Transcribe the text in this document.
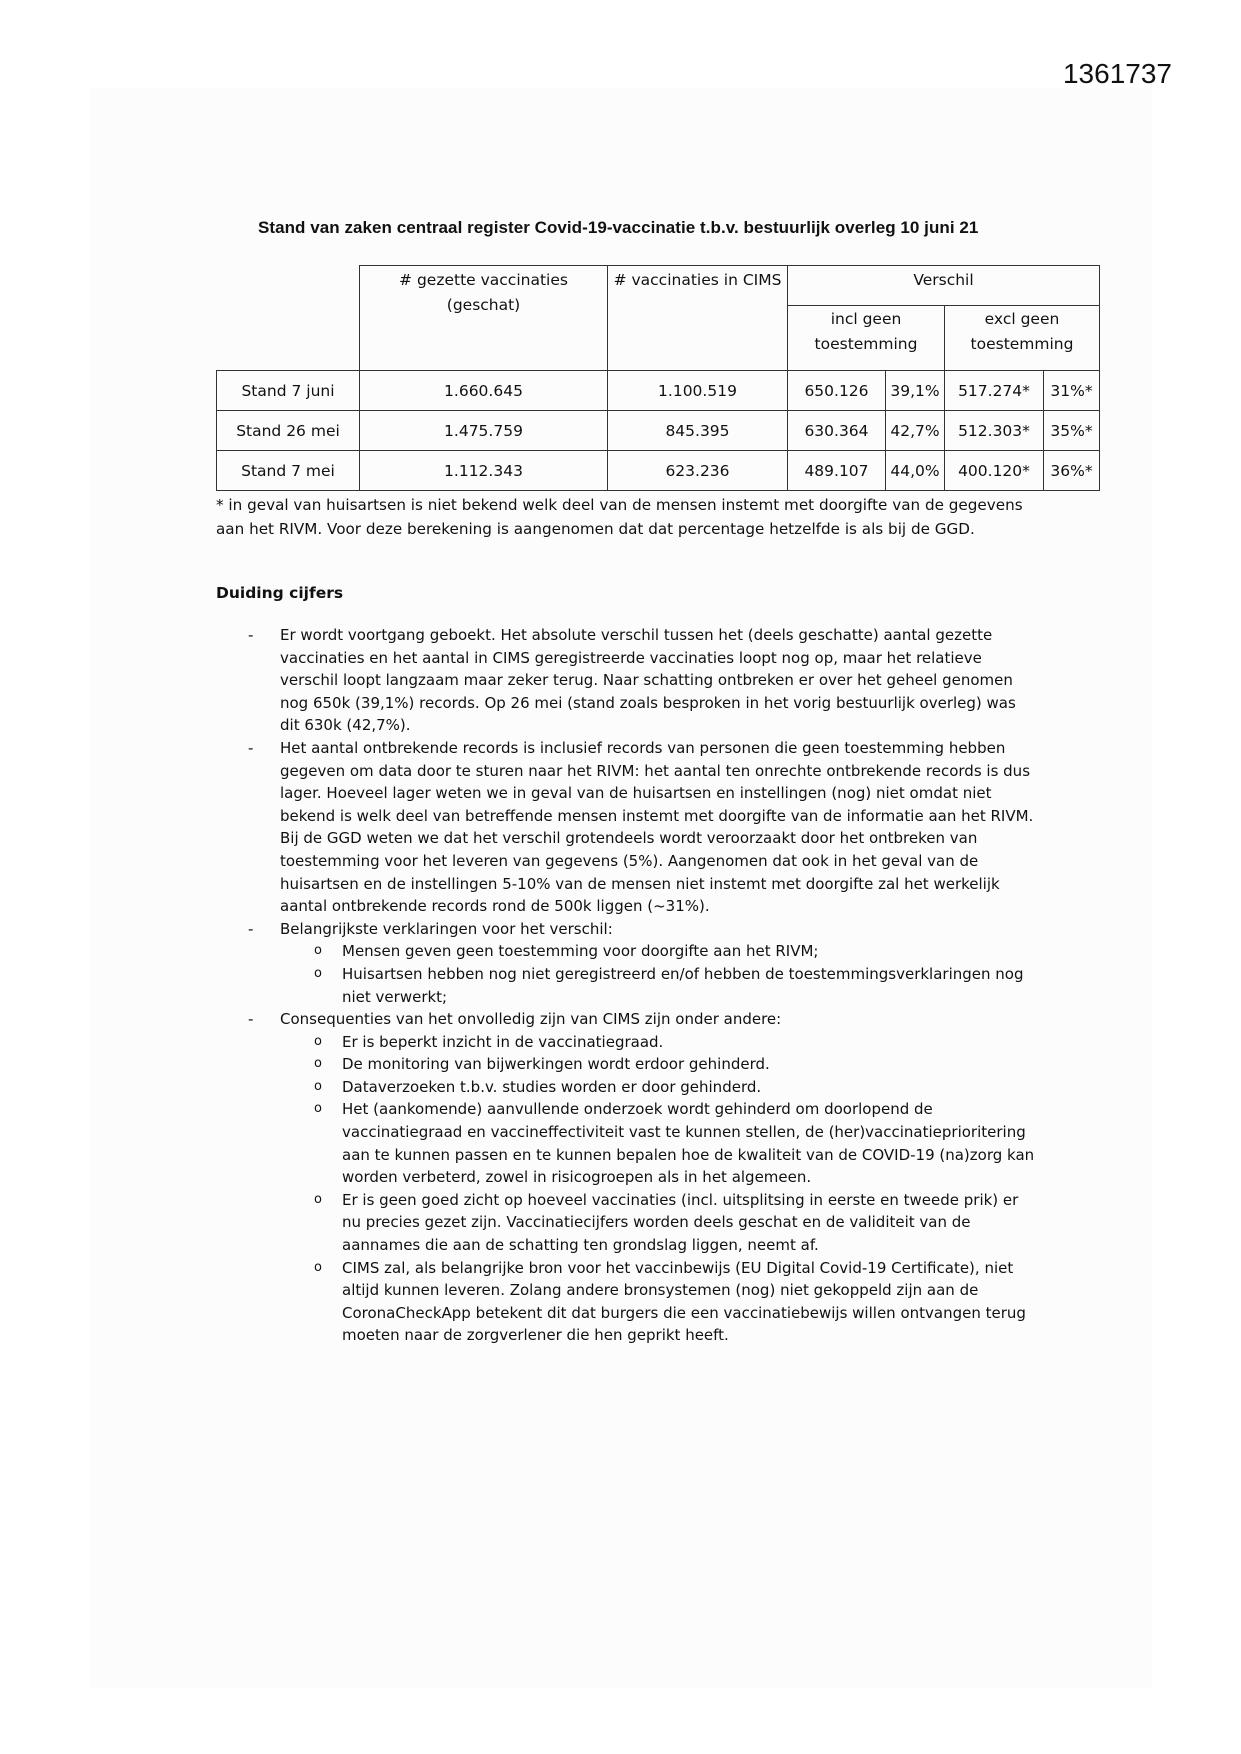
1361737
Stand van zaken centraal register Covid-19-vaccinatie t.b.v. bestuurlijk overleg 10 juni 21
	# gezette vaccinaties (geschat)	# vaccinaties in CIMS	Verschil			
			incl geen toestemming		excl geen toestemming	
Stand 7 juni	1.660.645	1.100.519	650.126	39,1%	517.274*	31%*
Stand 26 mei	1.475.759	845.395	630.364	42,7%	512.303*	35%*
Stand 7 mei	1.112.343	623.236	489.107	44,0%	400.120*	36%*
* in geval van huisartsen is niet bekend welk deel van de mensen instemt met doorgifte van de gegevens aan het RIVM. Voor deze berekening is aangenomen dat dat percentage hetzelfde is als bij de GGD.
Duiding cijfers
- Er wordt voortgang geboekt. Het absolute verschil tussen het (deels geschatte) aantal gezette vaccinaties en het aantal in CIMS geregistreerde vaccinaties loopt nog op, maar het relatieve verschil loopt langzaam maar zeker terug. Naar schatting ontbreken er over het geheel genomen nog 650k (39,1%) records. Op 26 mei (stand zoals besproken in het vorig bestuurlijk overleg) was dit 630k (42,7%).
- Het aantal ontbrekende records is inclusief records van personen die geen toestemming hebben gegeven om data door te sturen naar het RIVM: het aantal ten onrechte ontbrekende records is dus lager. Hoeveel lager weten we in geval van de huisartsen en instellingen (nog) niet omdat niet bekend is welk deel van betreffende mensen instemt met doorgifte van de informatie aan het RIVM. Bij de GGD weten we dat het verschil grotendeels wordt veroorzaakt door het ontbreken van toestemming voor het leveren van gegevens (5%). Aangenomen dat ook in het geval van de huisartsen en de instellingen 5-10% van de mensen niet instemt met doorgifte zal het werkelijk aantal ontbrekende records rond de 500k liggen (~31%).
- Belangrijkste verklaringen voor het verschil:
o Mensen geven geen toestemming voor doorgifte aan het RIVM;
o Huisartsen hebben nog niet geregistreerd en/of hebben de toestemmingsverklaringen nog niet verwerkt;
- Consequenties van het onvolledig zijn van CIMS zijn onder andere:
o Er is beperkt inzicht in de vaccinatiegraad.
o De monitoring van bijwerkingen wordt erdoor gehinderd.
o Dataverzoeken t.b.v. studies worden er door gehinderd.
o Het (aankomende) aanvullende onderzoek wordt gehinderd om doorlopend de vaccinatiegraad en vaccineffectiviteit vast te kunnen stellen, de (her)vaccinatieprioritering aan te kunnen passen en te kunnen bepalen hoe de kwaliteit van de COVID-19 (na)zorg kan worden verbeterd, zowel in risicogroepen als in het algemeen.
o Er is geen goed zicht op hoeveel vaccinaties (incl. uitsplitsing in eerste en tweede prik) er nu precies gezet zijn. Vaccinatiecijfers worden deels geschat en de validiteit van de aannames die aan de schatting ten grondslag liggen, neemt af.
o CIMS zal, als belangrijke bron voor het vaccinbewijs (EU Digital Covid-19 Certificate), niet altijd kunnen leveren. Zolang andere bronsystemen (nog) niet gekoppeld zijn aan de CoronaCheckApp betekent dit dat burgers die een vaccinatiebewijs willen ontvangen terug moeten naar de zorgverlener die hen geprikt heeft.
